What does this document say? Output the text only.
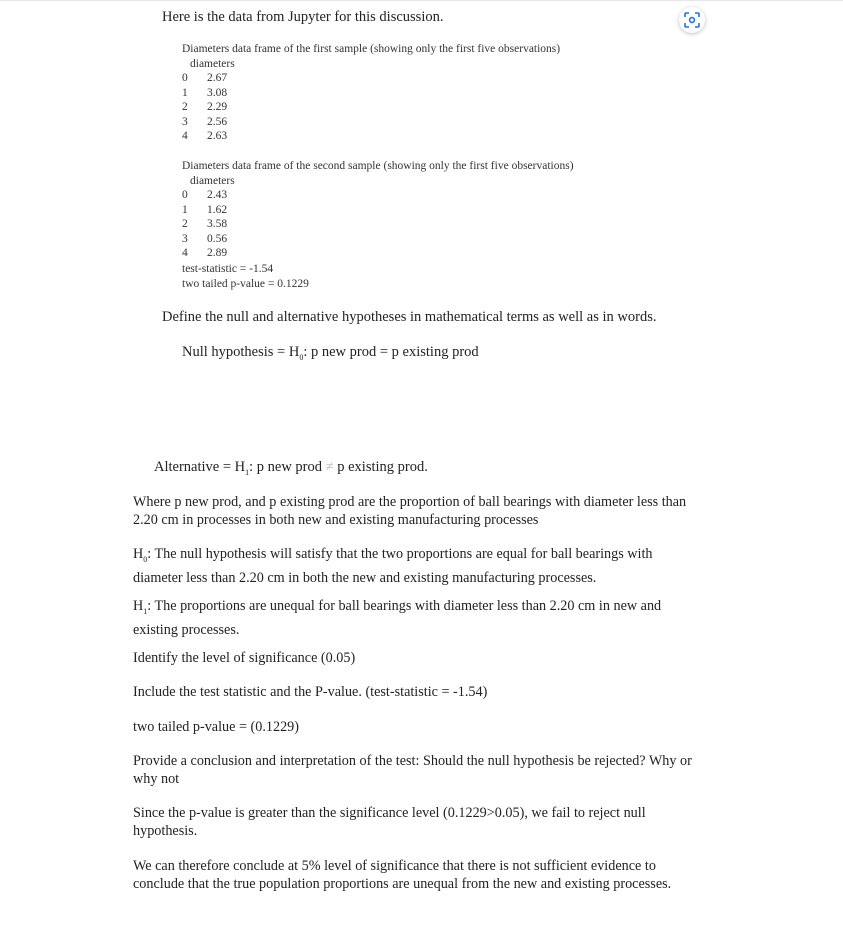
Here is the data from Jupyter for this discussion.
Diameters data frame of the first sample (showing only the first five observations)
diameters
0 2.67
1 3.08
2 2.29
3 2.56
4 2.63
Diameters data frame of the second sample (showing only the first five observations)
diameters
0 2.43
1 1.62
2 3.58
3 0.56
4 2.89
test-statistic = -1.54
two tailed p-value = 0.1229
Define the null and alternative hypotheses in mathematical terms as well as in words.
Null hypothesis = $H_0$: p new prod = p existing prod
Alternative = $H_1$: p new prod ≠ p existing prod.
Where p new prod, and p existing prod are the proportion of ball bearings with diameter less than 2.20 cm in processes in both new and existing manufacturing processes
$H_0$: The null hypothesis will satisfy that the two proportions are equal for ball bearings with diameter less than 2.20 cm in both the new and existing manufacturing processes.
$H_1$: The proportions are unequal for ball bearings with diameter less than 2.20 cm in new and existing processes.
Identify the level of significance (0.05)
Include the test statistic and the P-value. (test-statistic = -1.54)
two tailed p-value = (0.1229)
Provide a conclusion and interpretation of the test: Should the null hypothesis be rejected? Why or why not
Since the p-value is greater than the significance level (0.1229>0.05), we fail to reject null hypothesis.
We can therefore conclude at 5% level of significance that there is not sufficient evidence to conclude that the true population proportions are unequal from the new and existing processes.
